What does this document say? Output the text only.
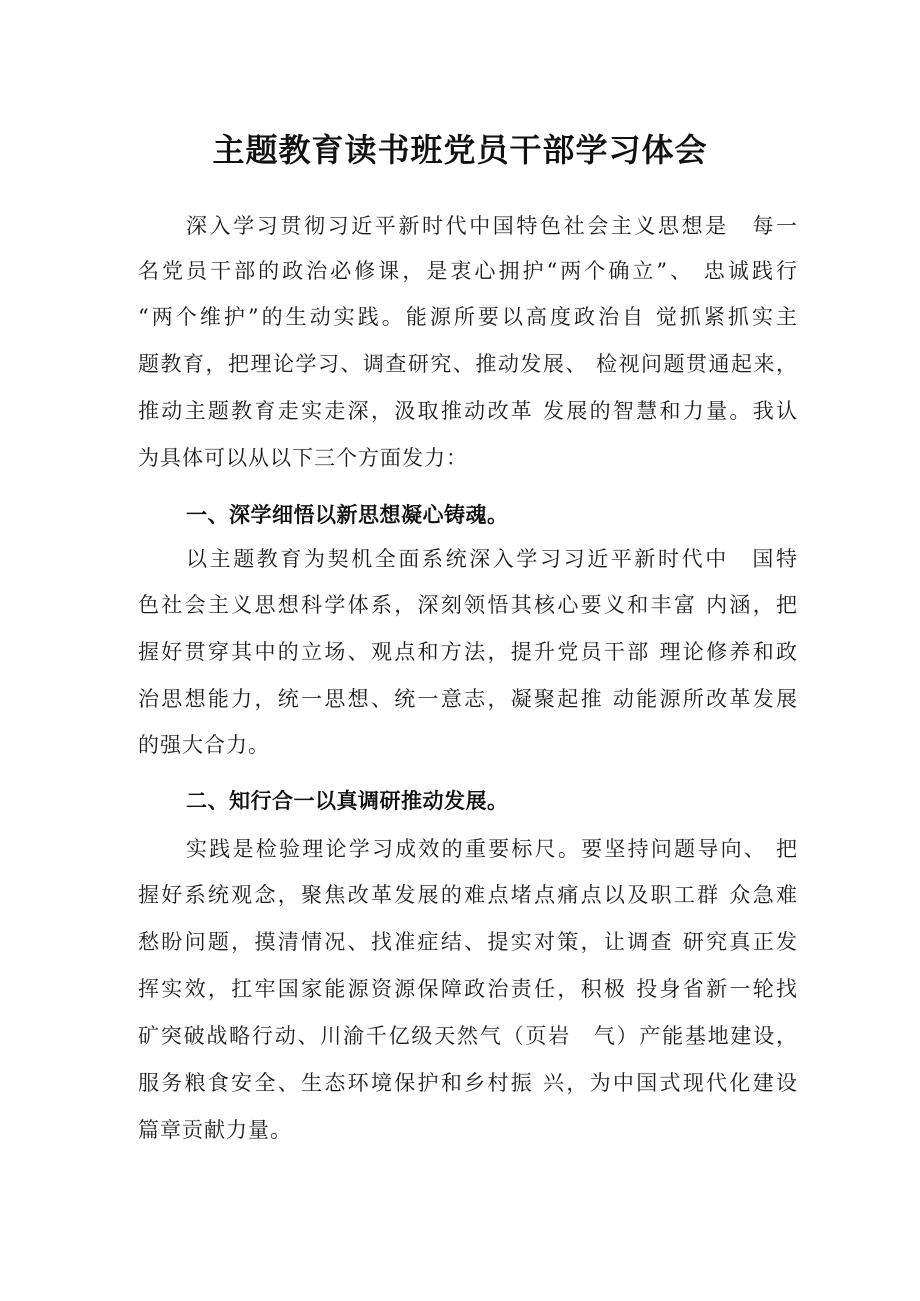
主题教育读书班党员干部学习体会
深入学习贯彻习近平新时代中国特色社会主义思想是　每一
名党员干部的政治必修课，是衷心拥护“两个确立”、 忠诚践行
“两个维护”的生动实践。能源所要以高度政治自 觉抓紧抓实主
题教育，把理论学习、调查研究、推动发展、 检视问题贯通起来，
推动主题教育走实走深，汲取推动改革 发展的智慧和力量。我认
为具体可以从以下三个方面发力：
一、深学细悟以新思想凝心铸魂。
以主题教育为契机全面系统深入学习习近平新时代中　国特
色社会主义思想科学体系，深刻领悟其核心要义和丰富 内涵，把
握好贯穿其中的立场、观点和方法，提升党员干部 理论修养和政
治思想能力，统一思想、统一意志，凝聚起推 动能源所改革发展
的强大合力。
二、知行合一以真调研推动发展。
实践是检验理论学习成效的重要标尺。要坚持问题导向、 把
握好系统观念，聚焦改革发展的难点堵点痛点以及职工群 众急难
愁盼问题，摸清情况、找准症结、提实对策，让调查 研究真正发
挥实效，扛牢国家能源资源保障政治责任，积极 投身省新一轮找
矿突破战略行动、川渝千亿级天然气（页岩　气）产能基地建设，
服务粮食安全、生态环境保护和乡村振 兴，为中国式现代化建设
篇章贡献力量。
